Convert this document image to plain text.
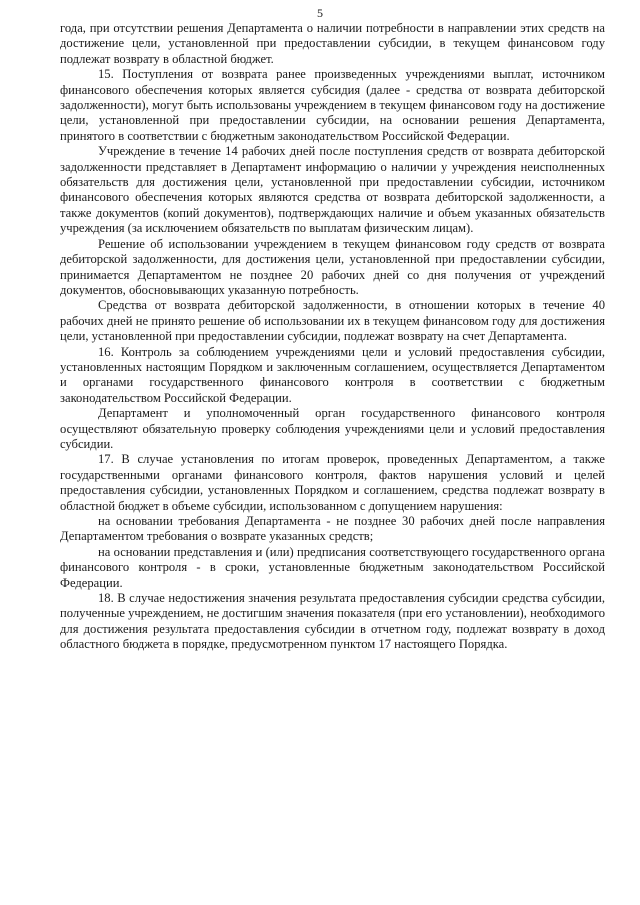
5

года, при отсутствии решения Департамента о наличии потребности в направлении этих средств на достижение цели, установленной при предоставлении субсидии, в текущем финансовом году подлежат возврату в областной бюджет.

15. Поступления от возврата ранее произведенных учреждениями выплат, источником финансового обеспечения которых является субсидия (далее - средства от возврата дебиторской задолженности), могут быть использованы учреждением в текущем финансовом году на достижение цели, установленной при предоставлении субсидии, на основании решения Департамента, принятого в соответствии с бюджетным законодательством Российской Федерации.

Учреждение в течение 14 рабочих дней после поступления средств от возврата дебиторской задолженности представляет в Департамент информацию о наличии у учреждения неисполненных обязательств для достижения цели, установленной при предоставлении субсидии, источником финансового обеспечения которых являются средства от возврата дебиторской задолженности, а также документов (копий документов), подтверждающих наличие и объем указанных обязательств учреждения (за исключением обязательств по выплатам физическим лицам).

Решение об использовании учреждением в текущем финансовом году средств от возврата дебиторской задолженности, для достижения цели, установленной при предоставлении субсидии, принимается Департаментом не позднее 20 рабочих дней со дня получения от учреждений документов, обосновывающих указанную потребность.

Средства от возврата дебиторской задолженности, в отношении которых в течение 40 рабочих дней не принято решение об использовании их в текущем финансовом году для достижения цели, установленной при предоставлении субсидии, подлежат возврату на счет Департамента.

16. Контроль за соблюдением учреждениями цели и условий предоставления субсидии, установленных настоящим Порядком и заключенным соглашением, осуществляется Департаментом и органами государственного финансового контроля в соответствии с бюджетным законодательством Российской Федерации.

Департамент и уполномоченный орган государственного финансового контроля осуществляют обязательную проверку соблюдения учреждениями цели и условий предоставления субсидии.

17. В случае установления по итогам проверок, проведенных Департаментом, а также государственными органами финансового контроля, фактов нарушения условий и целей предоставления субсидии, установленных Порядком и соглашением, средства подлежат возврату в областной бюджет в объеме субсидии, использованном с допущением нарушения:

на основании требования Департамента - не позднее 30 рабочих дней после направления Департаментом требования о возврате указанных средств;

на основании представления и (или) предписания соответствующего государственного органа финансового контроля - в сроки, установленные бюджетным законодательством Российской Федерации.

18. В случае недостижения значения результата предоставления субсидии средства субсидии, полученные учреждением, не достигшим значения показателя (при его установлении), необходимого для достижения результата предоставления субсидии в отчетном году, подлежат возврату в доход областного бюджета в порядке, предусмотренном пунктом 17 настоящего Порядка.
